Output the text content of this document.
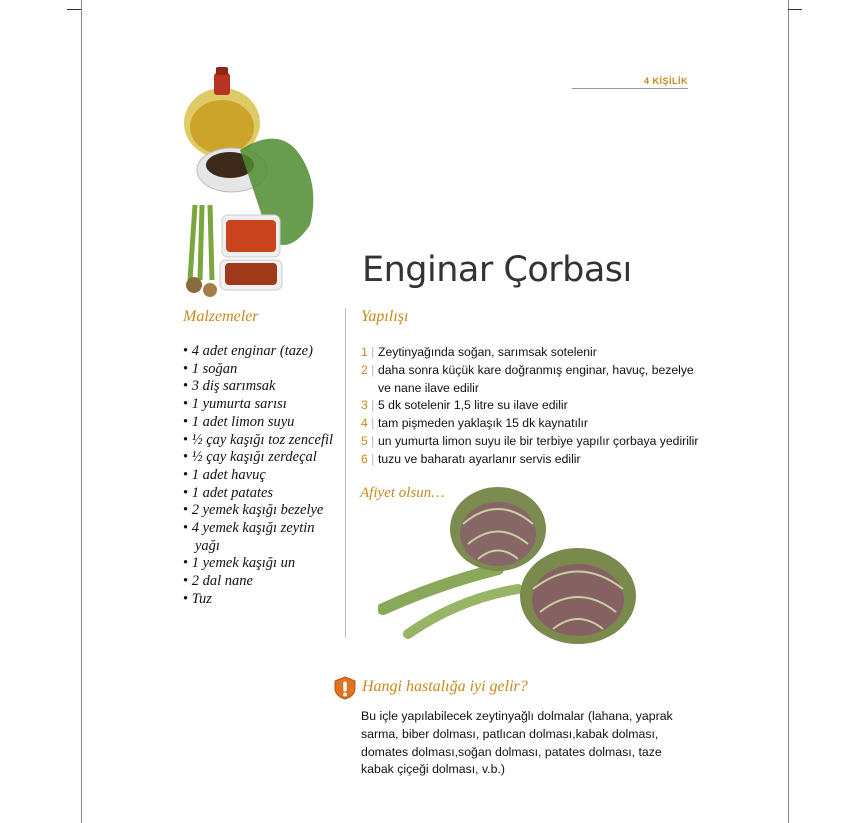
4 KİŞİLİK
Enginar Çorbası
Malzemeler	Yapılışı
• 4 adet enginar (taze)
• 1 soğan
• 3 diş sarımsak
• 1 yumurta sarısı
• 1 adet limon suyu
• ½ çay kaşığı toz zencefil
• ½ çay kaşığı zerdeçal
• 1 adet havuç
• 1 adet patates
• 2 yemek kaşığı bezelye
• 4 yemek kaşığı zeytin yağı
• 1 yemek kaşığı un
• 2 dal nane
• Tuz
1 | Zeytinyağında soğan, sarımsak sotelenir
2 | daha sonra küçük kare doğranmış enginar, havuç, bezelye ve nane ilave edilir
3 | 5 dk sotelenir 1,5 litre su ilave edilir
4 | tam pişmeden yaklaşık 15 dk kaynatılır
5 | un yumurta limon suyu ile bir terbiye yapılır çorbaya yedirilir
6 | tuzu ve baharatı ayarlanır servis edilir
Afiyet olsun…
Hangi hastalığa iyi gelir?
Bu içle yapılabilecek zeytinyağlı dolmalar (lahana, yaprak sarma, biber dolması, patlıcan dolması,kabak dolması, domates dolması,soğan dolması, patates dolması, taze kabak çiçeği dolması, v.b.)
